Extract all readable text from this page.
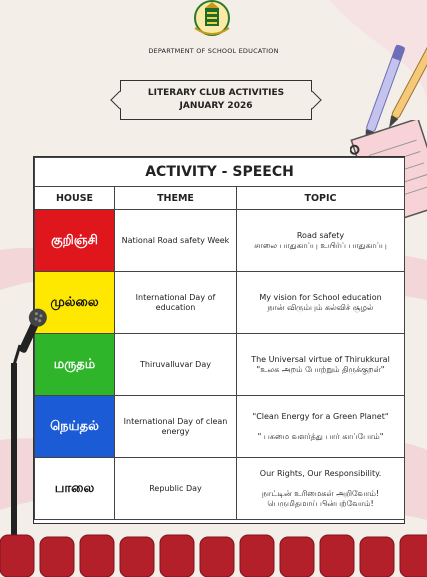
DEPARTMENT OF SCHOOL EDUCATION
LITERARY CLUB ACTIVITIES
JANUARY 2026
ACTIVITY - SPEECH		
HOUSE	THEME	TOPIC
குறிஞ்சி	National Road safety Week	Road safety
சாலை பாதுகாப்பு உயிர்ப் பாதுகாப்பு
முல்லை	International Day of education	My vision for School education
நான் விரும்பும் கல்விச் சூழல்
மருதம்	Thiruvalluvar Day	The Universal virtue of Thirukkural
"உலக அறம் போற்றும் திருக்குறள்"
நெய்தல்	International Day of clean energy	"Clean Energy for a Green Planet"

" பசுமை வளர்த்து பார் காப்போம்"
பாலை	Republic Day	Our Rights, Our Responsibility.

நாட்டின் உரிமைகள் அறிவோம்!
பெருமிதமாய் பின்பற்வோம்!
